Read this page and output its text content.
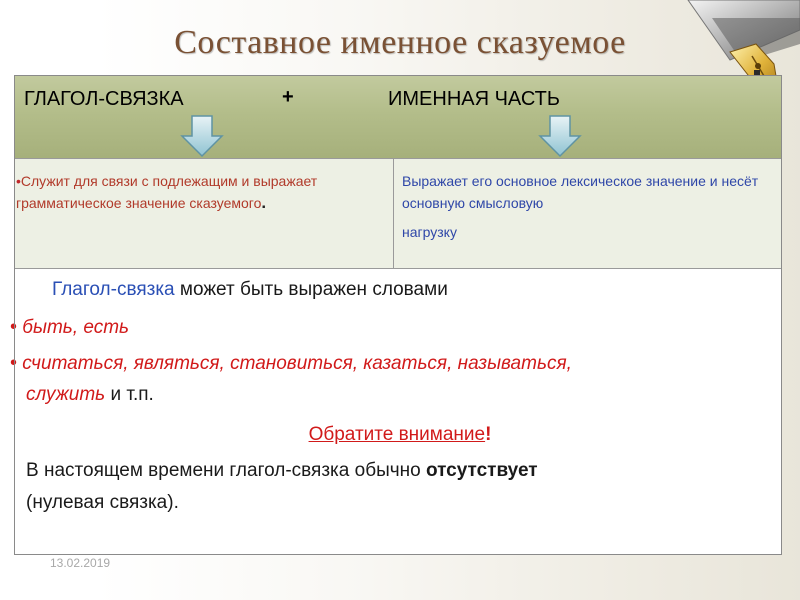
Составное именное сказуемое
ГЛАГОЛ-СВЯЗКА	+	ИМЕННАЯ ЧАСТЬ
•Служит для связи с подлежащим и выражает грамматическое значение сказуемого.
Выражает его основное лексическое значение и несёт основную смысловую
нагрузку
Глагол-связка может быть выражен словами
• быть, есть
• считаться, являться, становиться, казаться, называться,
служить и т.п.
Обратите внимание!
В настоящем времени глагол-связка обычно отсутствует
(нулевая связка).
13.02.2019
